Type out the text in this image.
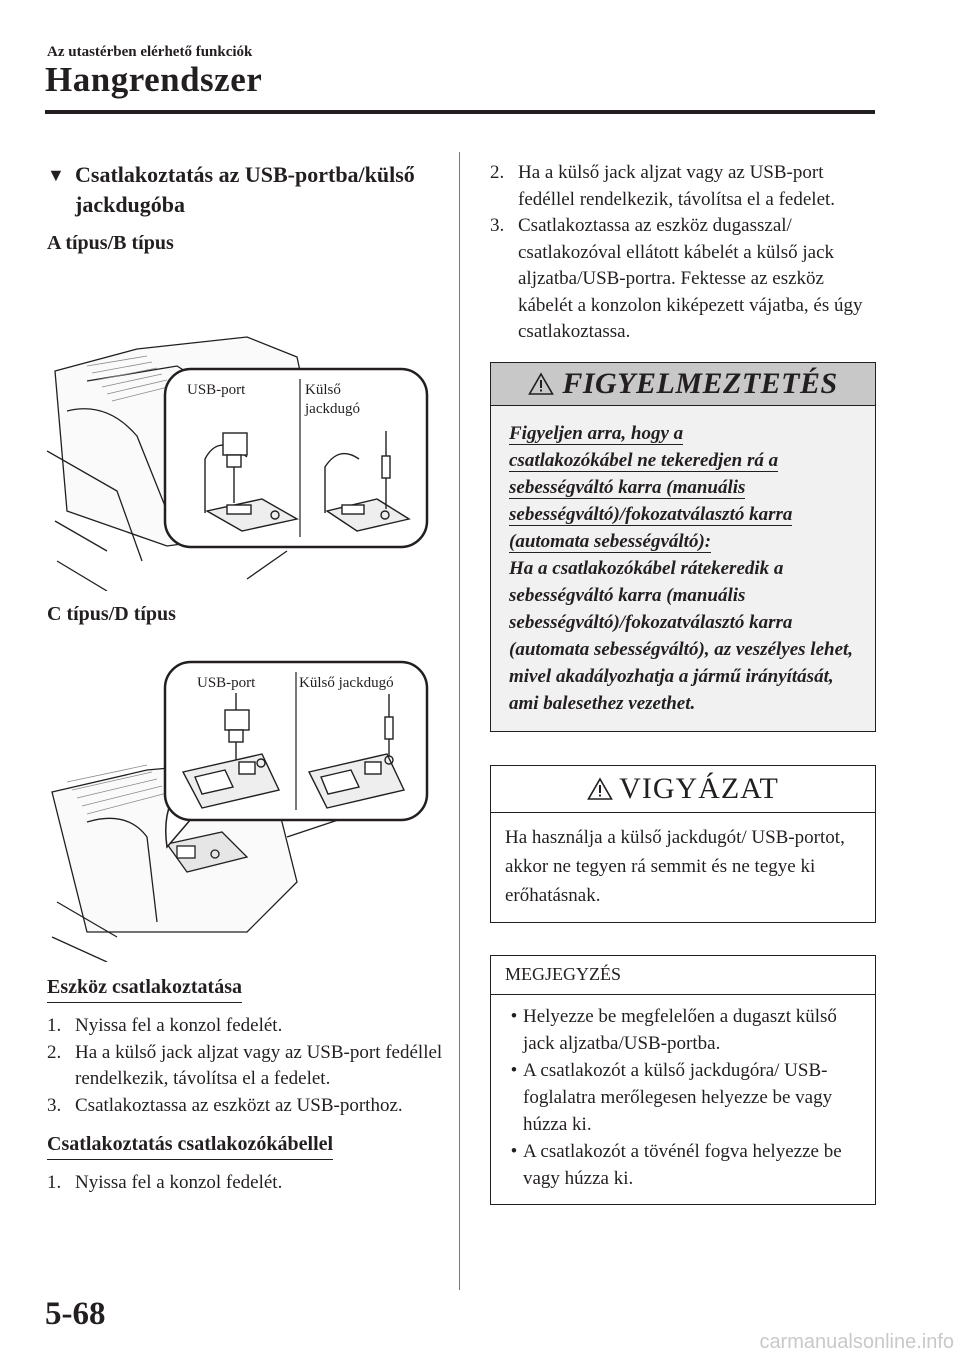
Az utastérben elérhető funkciók
Hangrendszer
▼ Csatlakoztatás az USB-portba/külső jackdugóba
A típus/B típus
USB-port	Külső jackdugó
C típus/D típus
USB-port	Külső jackdugó
Eszköz csatlakoztatása
1. Nyissa fel a konzol fedelét.
2. Ha a külső jack aljzat vagy az USB-port fedéllel rendelkezik, távolítsa el a fedelet.
3. Csatlakoztassa az eszközt az USB-porthoz.
Csatlakoztatás csatlakozókábellel
1. Nyissa fel a konzol fedelét.
2. Ha a külső jack aljzat vagy az USB-port fedéllel rendelkezik, távolítsa el a fedelet.
3. Csatlakoztassa az eszköz dugasszal/ csatlakozóval ellátott kábelét a külső jack aljzatba/USB-portra. Fektesse az eszköz kábelét a konzolon kiképezett vájatba, és úgy csatlakoztassa.
FIGYELMEZTETÉS
Figyeljen arra, hogy a
csatlakozókábel ne tekeredjen rá a
sebességváltó karra (manuális
sebességváltó)/fokozatválasztó karra
(automata sebességváltó):
Ha a csatlakozókábel rátekeredik a sebességváltó karra (manuális sebességváltó)/fokozatválasztó karra (automata sebességváltó), az veszélyes lehet, mivel akadályozhatja a jármű irányítását, ami balesethez vezethet.
VIGYÁZAT
Ha használja a külső jackdugót/ USB-portot, akkor ne tegyen rá semmit és ne tegye ki erőhatásnak.
MEGJEGYZÉS
• Helyezze be megfelelően a dugaszt külső jack aljzatba/USB-portba.
• A csatlakozót a külső jackdugóra/ USB-foglalatra merőlegesen helyezze be vagy húzza ki.
• A csatlakozót a tövénél fogva helyezze be vagy húzza ki.
5-68
carmanualsonline.info
